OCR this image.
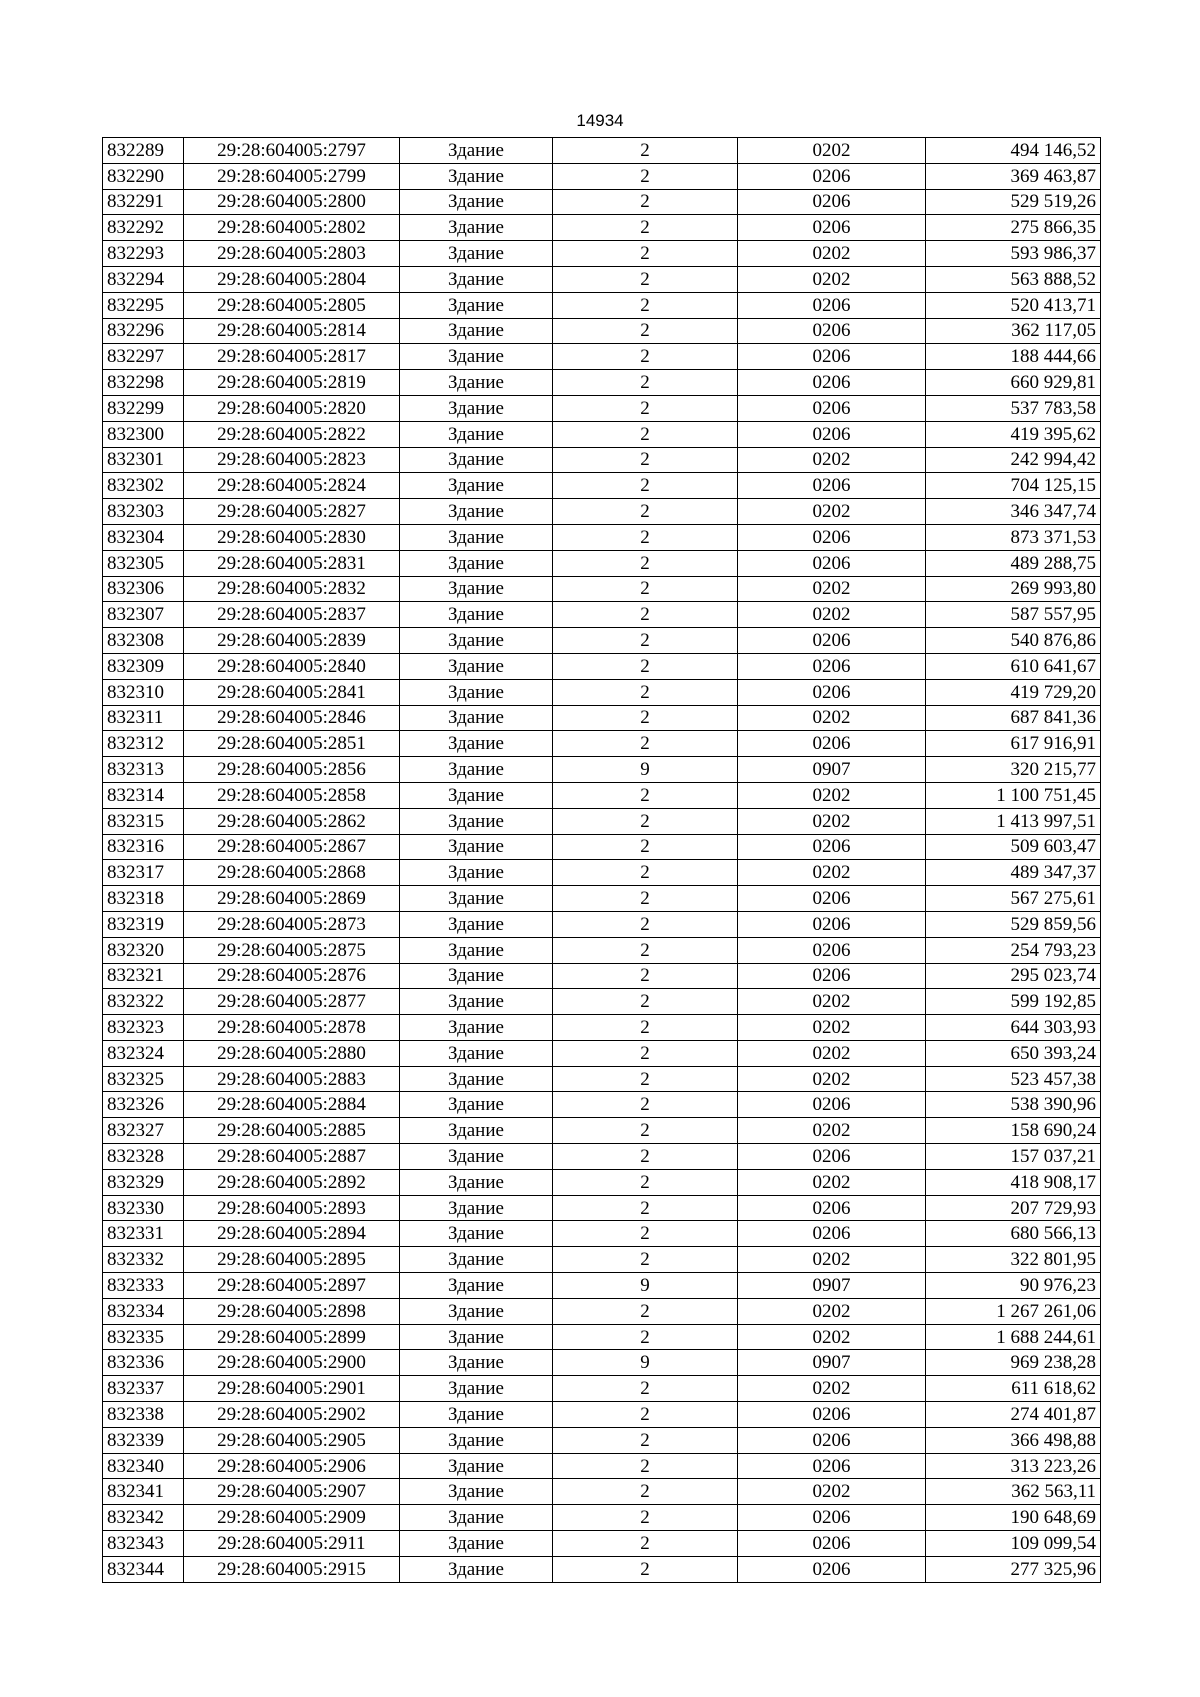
14934
832289	29:28:604005:2797	Здание	2	0202	494 146,52
832290	29:28:604005:2799	Здание	2	0206	369 463,87
832291	29:28:604005:2800	Здание	2	0206	529 519,26
832292	29:28:604005:2802	Здание	2	0206	275 866,35
832293	29:28:604005:2803	Здание	2	0202	593 986,37
832294	29:28:604005:2804	Здание	2	0202	563 888,52
832295	29:28:604005:2805	Здание	2	0206	520 413,71
832296	29:28:604005:2814	Здание	2	0206	362 117,05
832297	29:28:604005:2817	Здание	2	0206	188 444,66
832298	29:28:604005:2819	Здание	2	0206	660 929,81
832299	29:28:604005:2820	Здание	2	0206	537 783,58
832300	29:28:604005:2822	Здание	2	0206	419 395,62
832301	29:28:604005:2823	Здание	2	0202	242 994,42
832302	29:28:604005:2824	Здание	2	0206	704 125,15
832303	29:28:604005:2827	Здание	2	0202	346 347,74
832304	29:28:604005:2830	Здание	2	0206	873 371,53
832305	29:28:604005:2831	Здание	2	0206	489 288,75
832306	29:28:604005:2832	Здание	2	0202	269 993,80
832307	29:28:604005:2837	Здание	2	0202	587 557,95
832308	29:28:604005:2839	Здание	2	0206	540 876,86
832309	29:28:604005:2840	Здание	2	0206	610 641,67
832310	29:28:604005:2841	Здание	2	0206	419 729,20
832311	29:28:604005:2846	Здание	2	0202	687 841,36
832312	29:28:604005:2851	Здание	2	0206	617 916,91
832313	29:28:604005:2856	Здание	9	0907	320 215,77
832314	29:28:604005:2858	Здание	2	0202	1 100 751,45
832315	29:28:604005:2862	Здание	2	0202	1 413 997,51
832316	29:28:604005:2867	Здание	2	0206	509 603,47
832317	29:28:604005:2868	Здание	2	0202	489 347,37
832318	29:28:604005:2869	Здание	2	0206	567 275,61
832319	29:28:604005:2873	Здание	2	0206	529 859,56
832320	29:28:604005:2875	Здание	2	0206	254 793,23
832321	29:28:604005:2876	Здание	2	0206	295 023,74
832322	29:28:604005:2877	Здание	2	0202	599 192,85
832323	29:28:604005:2878	Здание	2	0202	644 303,93
832324	29:28:604005:2880	Здание	2	0202	650 393,24
832325	29:28:604005:2883	Здание	2	0202	523 457,38
832326	29:28:604005:2884	Здание	2	0206	538 390,96
832327	29:28:604005:2885	Здание	2	0202	158 690,24
832328	29:28:604005:2887	Здание	2	0206	157 037,21
832329	29:28:604005:2892	Здание	2	0202	418 908,17
832330	29:28:604005:2893	Здание	2	0206	207 729,93
832331	29:28:604005:2894	Здание	2	0206	680 566,13
832332	29:28:604005:2895	Здание	2	0202	322 801,95
832333	29:28:604005:2897	Здание	9	0907	90 976,23
832334	29:28:604005:2898	Здание	2	0202	1 267 261,06
832335	29:28:604005:2899	Здание	2	0202	1 688 244,61
832336	29:28:604005:2900	Здание	9	0907	969 238,28
832337	29:28:604005:2901	Здание	2	0202	611 618,62
832338	29:28:604005:2902	Здание	2	0206	274 401,87
832339	29:28:604005:2905	Здание	2	0206	366 498,88
832340	29:28:604005:2906	Здание	2	0206	313 223,26
832341	29:28:604005:2907	Здание	2	0202	362 563,11
832342	29:28:604005:2909	Здание	2	0206	190 648,69
832343	29:28:604005:2911	Здание	2	0206	109 099,54
832344	29:28:604005:2915	Здание	2	0206	277 325,96
